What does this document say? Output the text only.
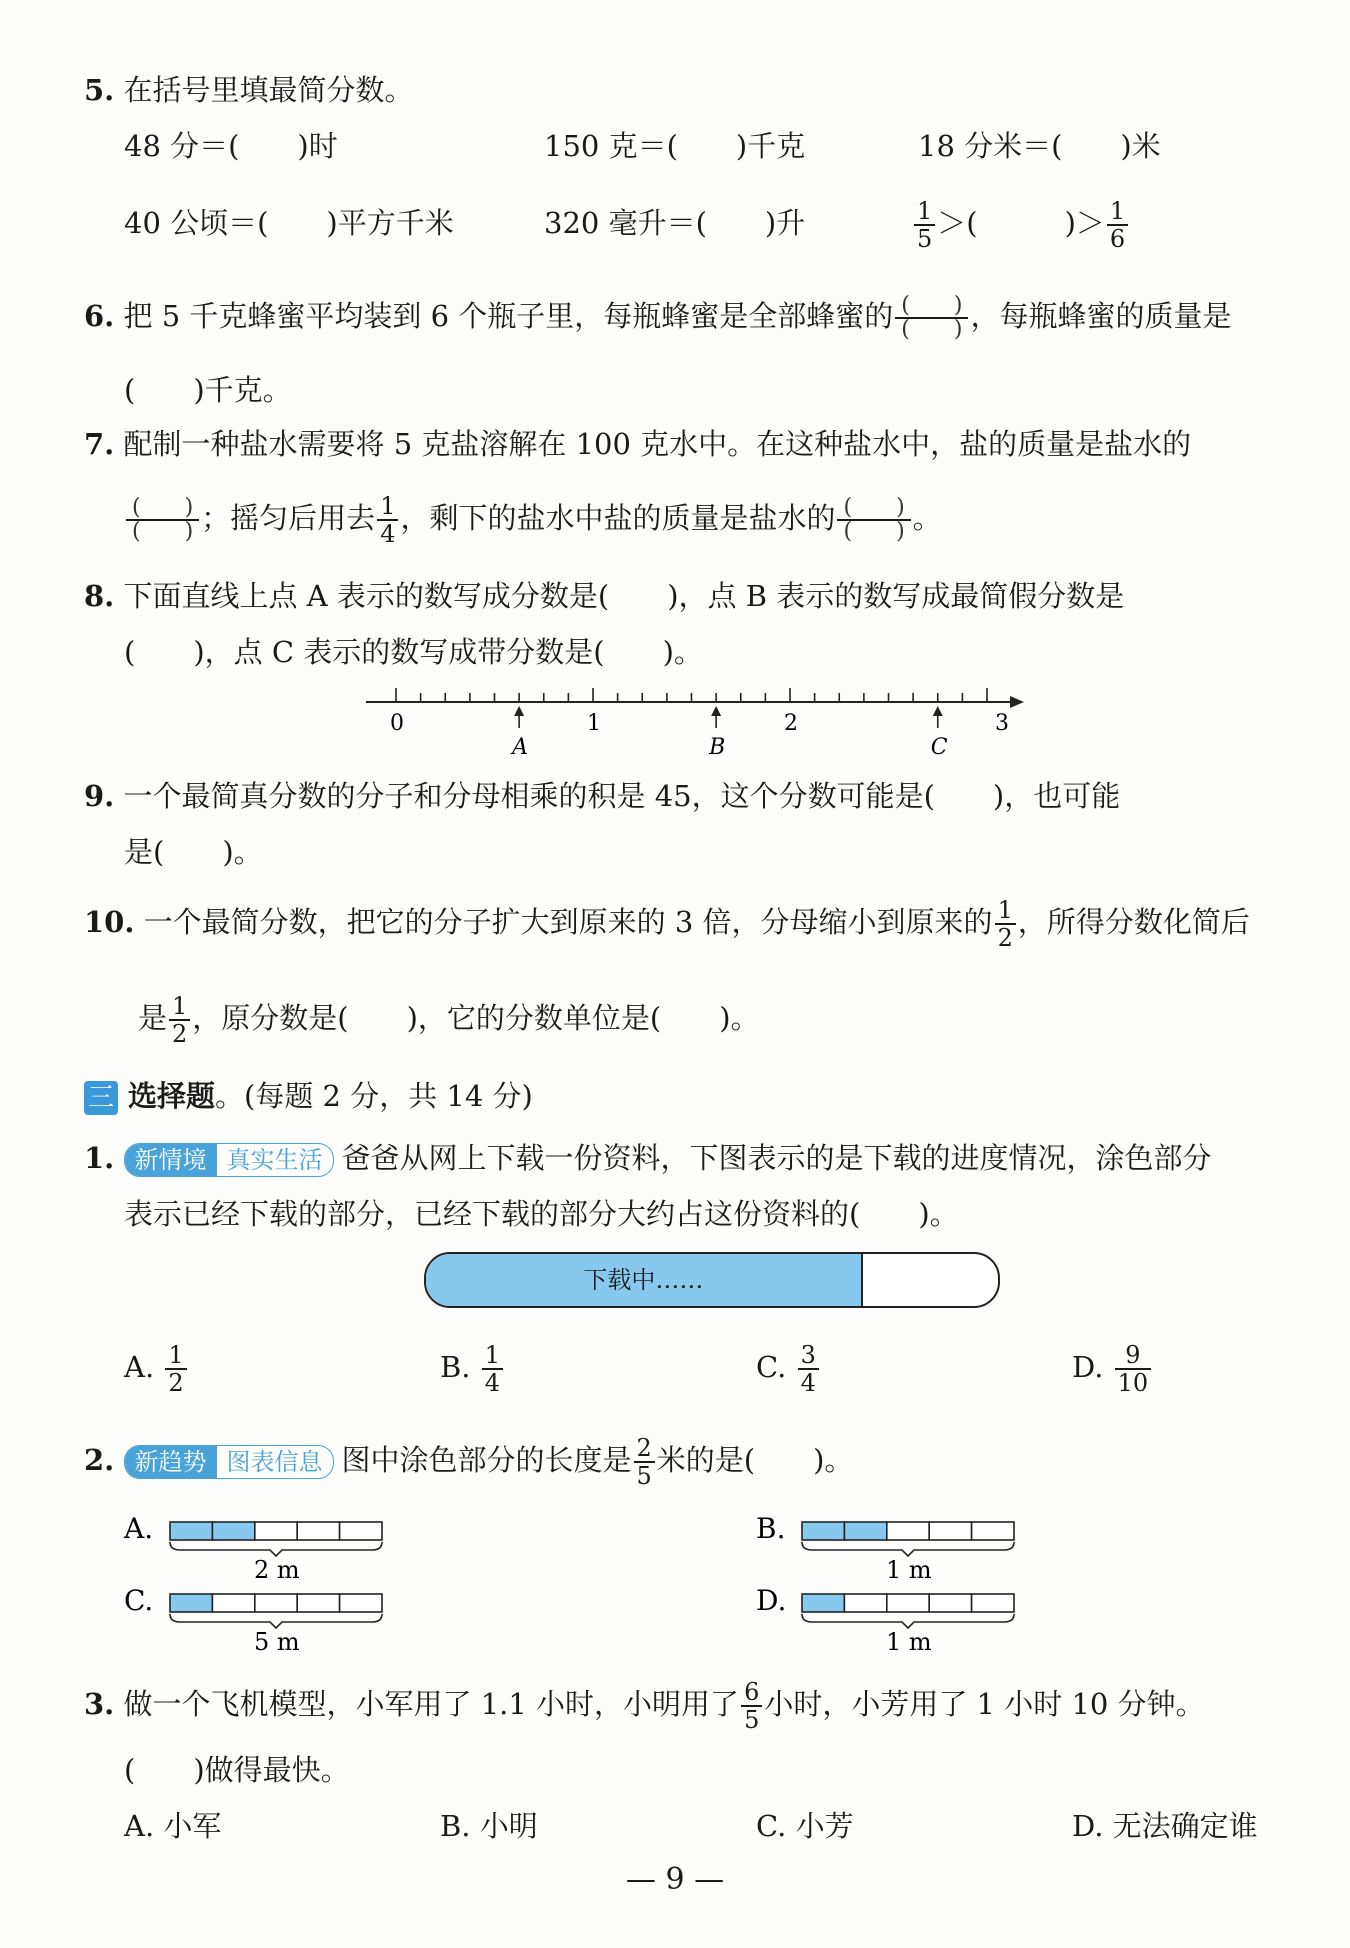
5. 在括号里填最简分数。
48 分＝(　　)时	150 克＝(　　)千克	18 分米＝(　　)米
40 公顷＝(　　)平方千米	320 毫升＝(　　)升	$\frac{1}{5}$ ＞(　　　)＞ $\frac{1}{6}$
6. 把 5 千克蜂蜜平均装到 6 个瓶子里，每瓶蜂蜜是全部蜂蜜的 $\frac{( )}{( )}$ ，每瓶蜂蜜的质量是
(　　)千克。
7. 配制一种盐水需要将 5 克盐溶解在 100 克水中。在这种盐水中，盐的质量是盐水的
$\frac{( )}{( )}$ ；摇匀后用去 $\frac{1}{4}$ ，剩下的盐水中盐的质量是盐水的 $\frac{( )}{( )}$ 。
8. 下面直线上点 A 表示的数写成分数是(　　)，点 B 表示的数写成最简假分数是
(　　)，点 C 表示的数写成带分数是(　　)。
0	1	2	3
A	B	C
9. 一个最简真分数的分子和分母相乘的积是 45，这个分数可能是(　　)，也可能
是(　　)。
10. 一个最简分数，把它的分子扩大到原来的 3 倍，分母缩小到原来的 $\frac{1}{2}$ ，所得分数化简后
是 $\frac{1}{2}$ ，原分数是(　　)，它的分数单位是(　　)。
三 选择题。(每题 2 分，共 14 分)
1. 新情境 真实生活 爸爸从网上下载一份资料，下图表示的是下载的进度情况，涂色部分
表示已经下载的部分，已经下载的部分大约占这份资料的(　　)。
下载中……
A. $\frac{1}{2}$	B. $\frac{1}{4}$	C. $\frac{3}{4}$	D. $\frac{9}{10}$
2. 新趋势 图表信息 图中涂色部分的长度是 $\frac{2}{5}$ 米的是(　　)。
A.
2 m
B.
1 m
C.
5 m
D.
1 m
3. 做一个飞机模型，小军用了 1.1 小时，小明用了 $\frac{6}{5}$ 小时，小芳用了 1 小时 10 分钟。
(　　)做得最快。
A. 小军	B. 小明	C. 小芳	D. 无法确定谁
— 9 —
